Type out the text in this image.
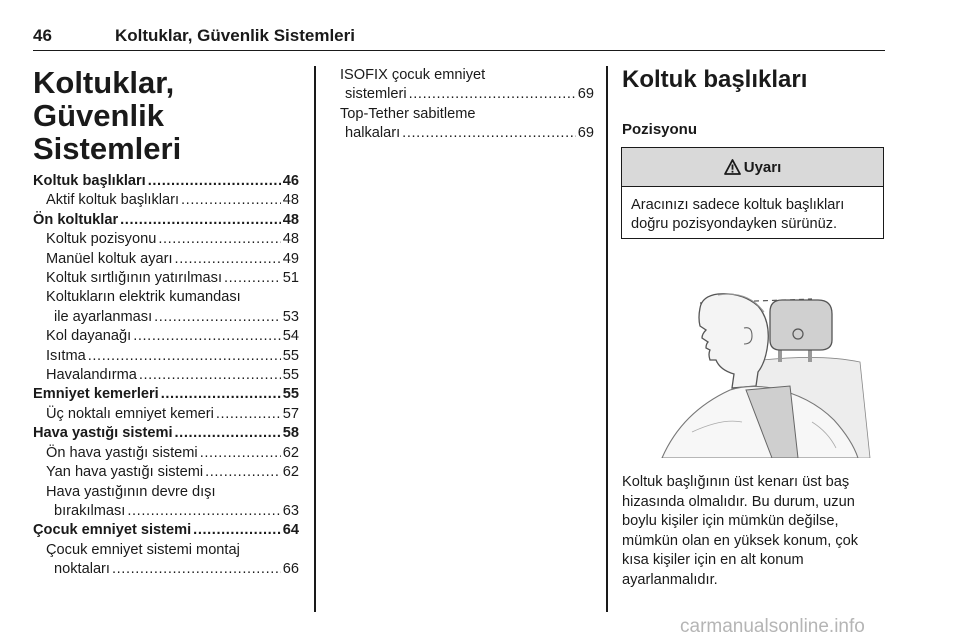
46	Koltuklar, Güvenlik Sistemleri
Koltuklar, Güvenlik
Sistemleri
Koltuk başlıkları .....	46
Aktif koltuk başlıkları .....	48
Ön koltuklar .....	48
Koltuk pozisyonu .....	48
Manüel koltuk ayarı .....	49
Koltuk sırtlığının yatırılması .....	51
Koltukların elektrik kumandası
ile ayarlanması .....	53
Kol dayanağı .....	54
Isıtma .....	55
Havalandırma .....	55
Emniyet kemerleri .....	55
Üç noktalı emniyet kemeri .....	57
Hava yastığı sistemi .....	58
Ön hava yastığı sistemi .....	62
Yan hava yastığı sistemi .....	62
Hava yastığının devre dışı
bırakılması .....	63
Çocuk emniyet sistemi .....	64
Çocuk emniyet sistemi montaj
noktaları .....	66
ISOFIX çocuk emniyet
sistemleri .....	69
Top-Tether sabitleme
halkaları .....	69
Koltuk başlıkları
Pozisyonu
Uyarı
Aracınızı sadece koltuk başlıkları
doğru pozisyondayken sürünüz.

Koltuk başlığının üst kenarı üst baş
hizasında olmalıdır. Bu durum, uzun
boylu kişiler için mümkün değilse,
mümkün olan en yüksek konum, çok
kısa kişiler için en alt konum
ayarlanmalıdır.

carmanualsonline.info
